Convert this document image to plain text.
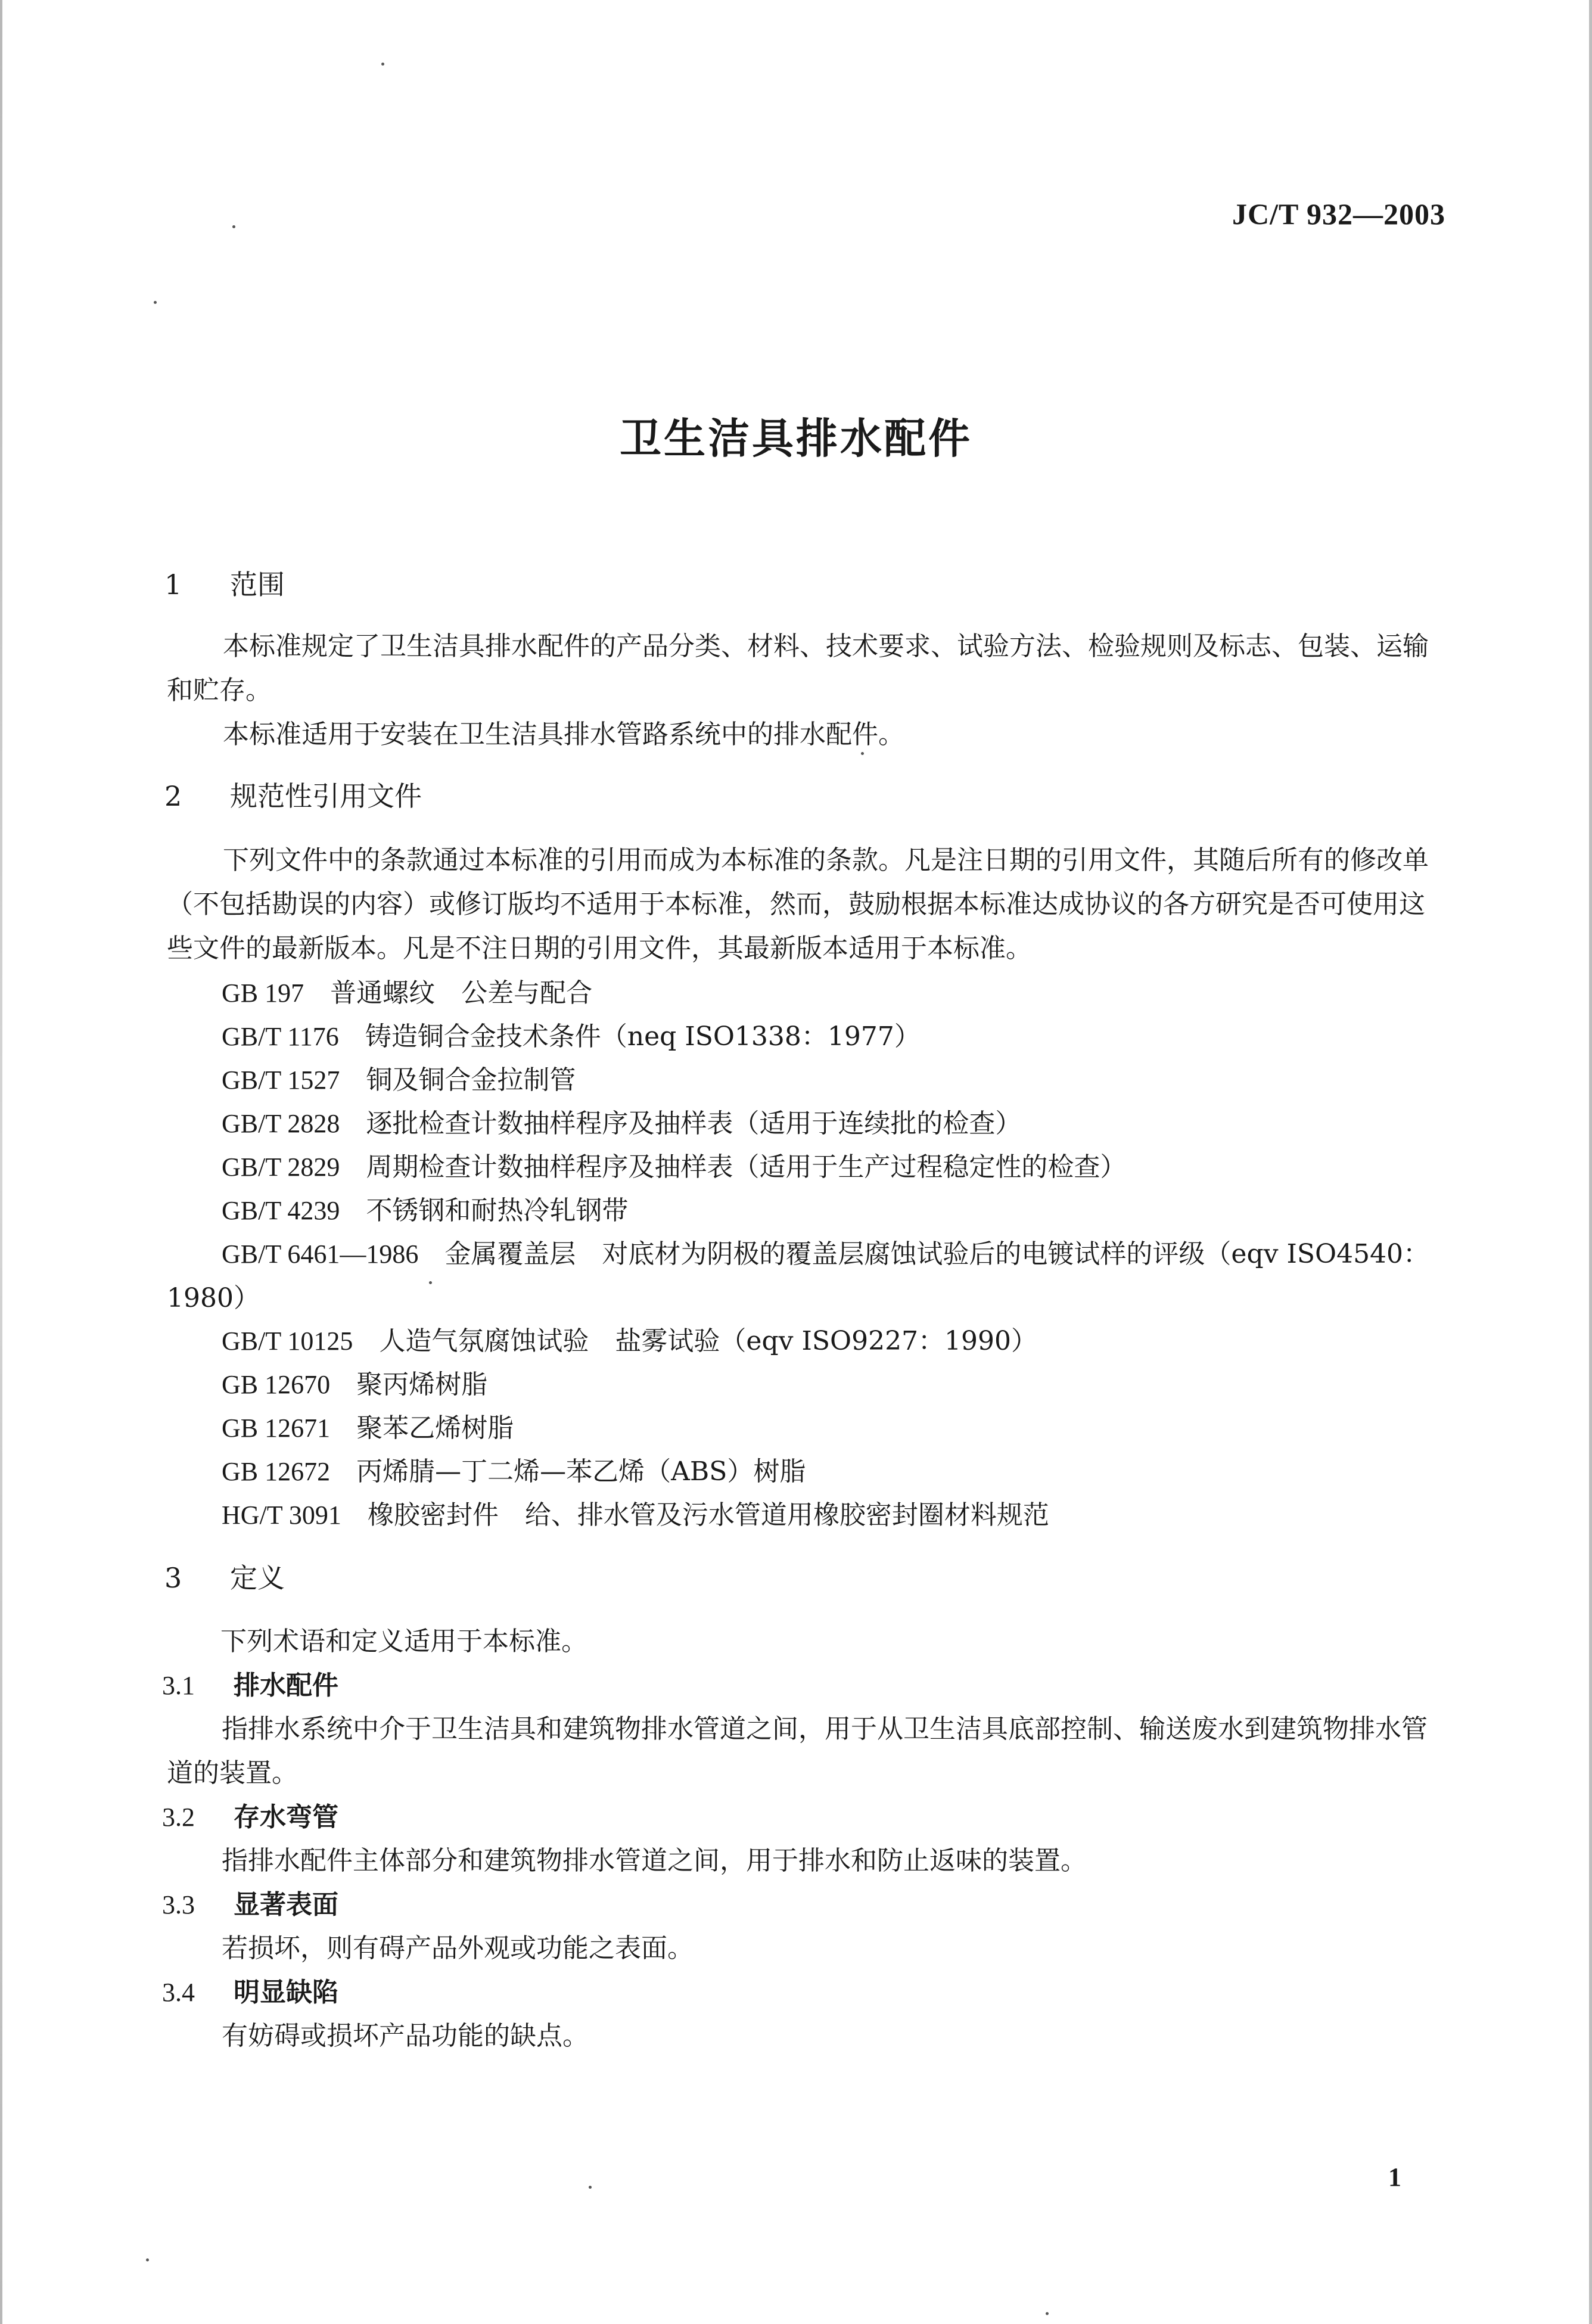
JC/T 932—2003
卫生洁具排水配件
1 范围
本标准规定了卫生洁具排水配件的产品分类、材料、技术要求、试验方法、检验规则及标志、包装、运输和贮存。
本标准适用于安装在卫生洁具排水管路系统中的排水配件。
2 规范性引用文件
下列文件中的条款通过本标准的引用而成为本标准的条款。凡是注日期的引用文件，其随后所有的修改单（不包括勘误的内容）或修订版均不适用于本标准，然而，鼓励根据本标准达成协议的各方研究是否可使用这些文件的最新版本。凡是不注日期的引用文件，其最新版本适用于本标准。
GB 197 普通螺纹　公差与配合
GB/T 1176 铸造铜合金技术条件（neq ISO1338：1977）
GB/T 1527 铜及铜合金拉制管
GB/T 2828 逐批检查计数抽样程序及抽样表（适用于连续批的检查）
GB/T 2829 周期检查计数抽样程序及抽样表（适用于生产过程稳定性的检查）
GB/T 4239 不锈钢和耐热冷轧钢带
GB/T 6461—1986 金属覆盖层　对底材为阴极的覆盖层腐蚀试验后的电镀试样的评级（eqv ISO4540：1980）
GB/T 10125 人造气氛腐蚀试验　盐雾试验（eqv ISO9227：1990）
GB 12670 聚丙烯树脂
GB 12671 聚苯乙烯树脂
GB 12672 丙烯腈—丁二烯—苯乙烯（ABS）树脂
HG/T 3091 橡胶密封件　给、排水管及污水管道用橡胶密封圈材料规范
3 定义
下列术语和定义适用于本标准。
3.1 排水配件
指排水系统中介于卫生洁具和建筑物排水管道之间，用于从卫生洁具底部控制、输送废水到建筑物排水管道的装置。
3.2 存水弯管
指排水配件主体部分和建筑物排水管道之间，用于排水和防止返味的装置。
3.3 显著表面
若损坏，则有碍产品外观或功能之表面。
3.4 明显缺陷
有妨碍或损坏产品功能的缺点。
1
